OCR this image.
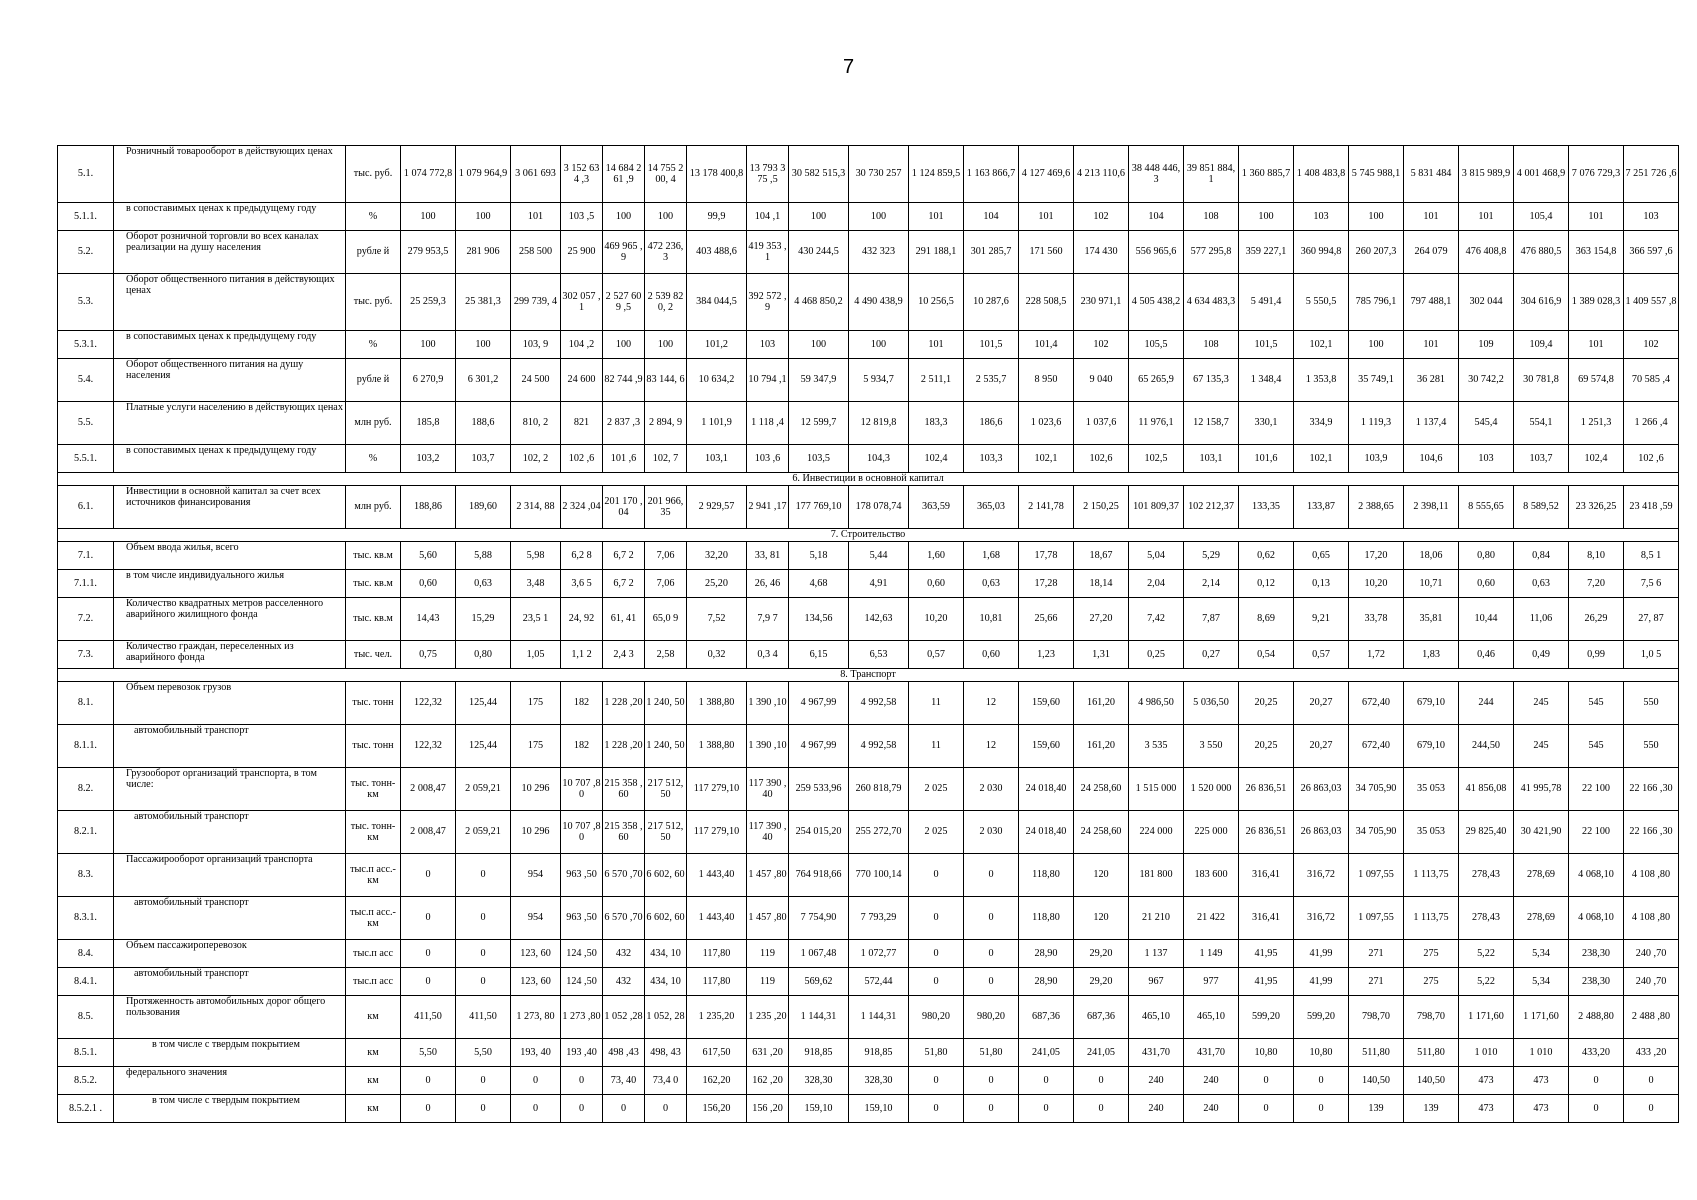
7
5.1.	Розничный товарооборот в действующих ценах	тыс. руб.	1 074 772,8	1 079 964,9	3 061 693	3 152 634 ,3	14 684 261 ,9	14 755 200, 4	13 178 400,8	13 793 375 ,5	30 582 515,3	30 730 257	1 124 859,5	1 163 866,7	4 127 469,6	4 213 110,6	38 448 446,3	39 851 884,1	1 360 885,7	1 408 483,8	5 745 988,1	5 831 484	3 815 989,9	4 001 468,9	7 076 729,3	7 251 726 ,6
5.1.1.	в сопоставимых ценах к предыдущему году	%	100	100	101	103 ,5	100	100	99,9	104 ,1	100	100	101	104	101	102	104	108	100	103	100	101	101	105,4	101	103
5.2.	Оборот розничной торговли во всех каналах реализации на душу населения	рубле й	279 953,5	281 906	258 500	25 900	469 965 ,9	472 236, 3	403 488,6	419 353 ,1	430 244,5	432 323	291 188,1	301 285,7	171 560	174 430	556 965,6	577 295,8	359 227,1	360 994,8	260 207,3	264 079	476 408,8	476 880,5	363 154,8	366 597 ,6
5.3.	Оборот общественного питания в действующих ценах	тыс. руб.	25 259,3	25 381,3	299 739, 4	302 057 ,1	2 527 609 ,5	2 539 820, 2	384 044,5	392 572 ,9	4 468 850,2	4 490 438,9	10 256,5	10 287,6	228 508,5	230 971,1	4 505 438,2	4 634 483,3	5 491,4	5 550,5	785 796,1	797 488,1	302 044	304 616,9	1 389 028,3	1 409 557 ,8
5.3.1.	в сопоставимых ценах к предыдущему году	%	100	100	103, 9	104 ,2	100	100	101,2	103	100	100	101	101,5	101,4	102	105,5	108	101,5	102,1	100	101	109	109,4	101	102
5.4.	Оборот общественного питания на душу населения	рубле й	6 270,9	6 301,2	24 500	24 600	82 744 ,9	83 144, 6	10 634,2	10 794 ,1	59 347,9	5 934,7	2 511,1	2 535,7	8 950	9 040	65 265,9	67 135,3	1 348,4	1 353,8	35 749,1	36 281	30 742,2	30 781,8	69 574,8	70 585 ,4
5.5.	Платные услуги населению в действующих ценах	млн руб.	185,8	188,6	810, 2	821	2 837 ,3	2 894, 9	1 101,9	1 118 ,4	12 599,7	12 819,8	183,3	186,6	1 023,6	1 037,6	11 976,1	12 158,7	330,1	334,9	1 119,3	1 137,4	545,4	554,1	1 251,3	1 266 ,4
5.5.1.	в сопоставимых ценах к предыдущему году	%	103,2	103,7	102, 2	102 ,6	101 ,6	102, 7	103,1	103 ,6	103,5	104,3	102,4	103,3	102,1	102,6	102,5	103,1	101,6	102,1	103,9	104,6	103	103,7	102,4	102 ,6
6. Инвестиции в основной капитал																										
6.1.	Инвестиции в основной капитал за счет всех источников финансирования	млн руб.	188,86	189,60	2 314, 88	2 324 ,04	201 170 ,04	201 966, 35	2 929,57	2 941 ,17	177 769,10	178 078,74	363,59	365,03	2 141,78	2 150,25	101 809,37	102 212,37	133,35	133,87	2 388,65	2 398,11	8 555,65	8 589,52	23 326,25	23 418 ,59
7. Строительство																										
7.1.	Объем ввода жилья, всего	тыс. кв.м	5,60	5,88	5,98	6,2 8	6,7 2	7,06	32,20	33, 81	5,18	5,44	1,60	1,68	17,78	18,67	5,04	5,29	0,62	0,65	17,20	18,06	0,80	0,84	8,10	8,5 1
7.1.1.	в том числе индивидуального жилья	тыс. кв.м	0,60	0,63	3,48	3,6 5	6,7 2	7,06	25,20	26, 46	4,68	4,91	0,60	0,63	17,28	18,14	2,04	2,14	0,12	0,13	10,20	10,71	0,60	0,63	7,20	7,5 6
7.2.	Количество квадратных метров расселенного аварийного жилищного фонда	тыс. кв.м	14,43	15,29	23,5 1	24, 92	61, 41	65,0 9	7,52	7,9 7	134,56	142,63	10,20	10,81	25,66	27,20	7,42	7,87	8,69	9,21	33,78	35,81	10,44	11,06	26,29	27, 87
7.3.	Количество граждан, переселенных из аварийного фонда	тыс. чел.	0,75	0,80	1,05	1,1 2	2,4 3	2,58	0,32	0,3 4	6,15	6,53	0,57	0,60	1,23	1,31	0,25	0,27	0,54	0,57	1,72	1,83	0,46	0,49	0,99	1,0 5
8. Транспорт																										
8.1.	Объем перевозок грузов	тыс. тонн	122,32	125,44	175	182	1 228 ,20	1 240, 50	1 388,80	1 390 ,10	4 967,99	4 992,58	11	12	159,60	161,20	4 986,50	5 036,50	20,25	20,27	672,40	679,10	244	245	545	550
8.1.1.	автомобильный транспорт	тыс. тонн	122,32	125,44	175	182	1 228 ,20	1 240, 50	1 388,80	1 390 ,10	4 967,99	4 992,58	11	12	159,60	161,20	3 535	3 550	20,25	20,27	672,40	679,10	244,50	245	545	550
8.2.	Грузооборот организаций транспорта, в том числе:	тыс. тонн-км	2 008,47	2 059,21	10 296	10 707 ,80	215 358 ,60	217 512, 50	117 279,10	117 390 ,40	259 533,96	260 818,79	2 025	2 030	24 018,40	24 258,60	1 515 000	1 520 000	26 836,51	26 863,03	34 705,90	35 053	41 856,08	41 995,78	22 100	22 166 ,30
8.2.1.	автомобильный транспорт	тыс. тонн-км	2 008,47	2 059,21	10 296	10 707 ,80	215 358 ,60	217 512, 50	117 279,10	117 390 ,40	254 015,20	255 272,70	2 025	2 030	24 018,40	24 258,60	224 000	225 000	26 836,51	26 863,03	34 705,90	35 053	29 825,40	30 421,90	22 100	22 166 ,30
8.3.	Пассажирооборот организаций транспорта	тыс.п асс.-км	0	0	954	963 ,50	6 570 ,70	6 602, 60	1 443,40	1 457 ,80	764 918,66	770 100,14	0	0	118,80	120	181 800	183 600	316,41	316,72	1 097,55	1 113,75	278,43	278,69	4 068,10	4 108 ,80
8.3.1.	автомобильный транспорт	тыс.п асс.-км	0	0	954	963 ,50	6 570 ,70	6 602, 60	1 443,40	1 457 ,80	7 754,90	7 793,29	0	0	118,80	120	21 210	21 422	316,41	316,72	1 097,55	1 113,75	278,43	278,69	4 068,10	4 108 ,80
8.4.	Объем пассажироперевозок	тыс.п асс	0	0	123, 60	124 ,50	432	434, 10	117,80	119	1 067,48	1 072,77	0	0	28,90	29,20	1 137	1 149	41,95	41,99	271	275	5,22	5,34	238,30	240 ,70
8.4.1.	автомобильный транспорт	тыс.п асс	0	0	123, 60	124 ,50	432	434, 10	117,80	119	569,62	572,44	0	0	28,90	29,20	967	977	41,95	41,99	271	275	5,22	5,34	238,30	240 ,70
8.5.	Протяженность автомобильных дорог общего пользования	км	411,50	411,50	1 273, 80	1 273 ,80	1 052 ,28	1 052, 28	1 235,20	1 235 ,20	1 144,31	1 144,31	980,20	980,20	687,36	687,36	465,10	465,10	599,20	599,20	798,70	798,70	1 171,60	1 171,60	2 488,80	2 488 ,80
8.5.1.	в том числе с твердым покрытием	км	5,50	5,50	193, 40	193 ,40	498 ,43	498, 43	617,50	631 ,20	918,85	918,85	51,80	51,80	241,05	241,05	431,70	431,70	10,80	10,80	511,80	511,80	1 010	1 010	433,20	433 ,20
8.5.2.	федерального значения	км	0	0	0	0	73, 40	73,4 0	162,20	162 ,20	328,30	328,30	0	0	0	0	240	240	0	0	140,50	140,50	473	473	0	0
8.5.2.1 .	в том числе с твердым покрытием	км	0	0	0	0	0	0	156,20	156 ,20	159,10	159,10	0	0	0	0	240	240	0	0	139	139	473	473	0	0
